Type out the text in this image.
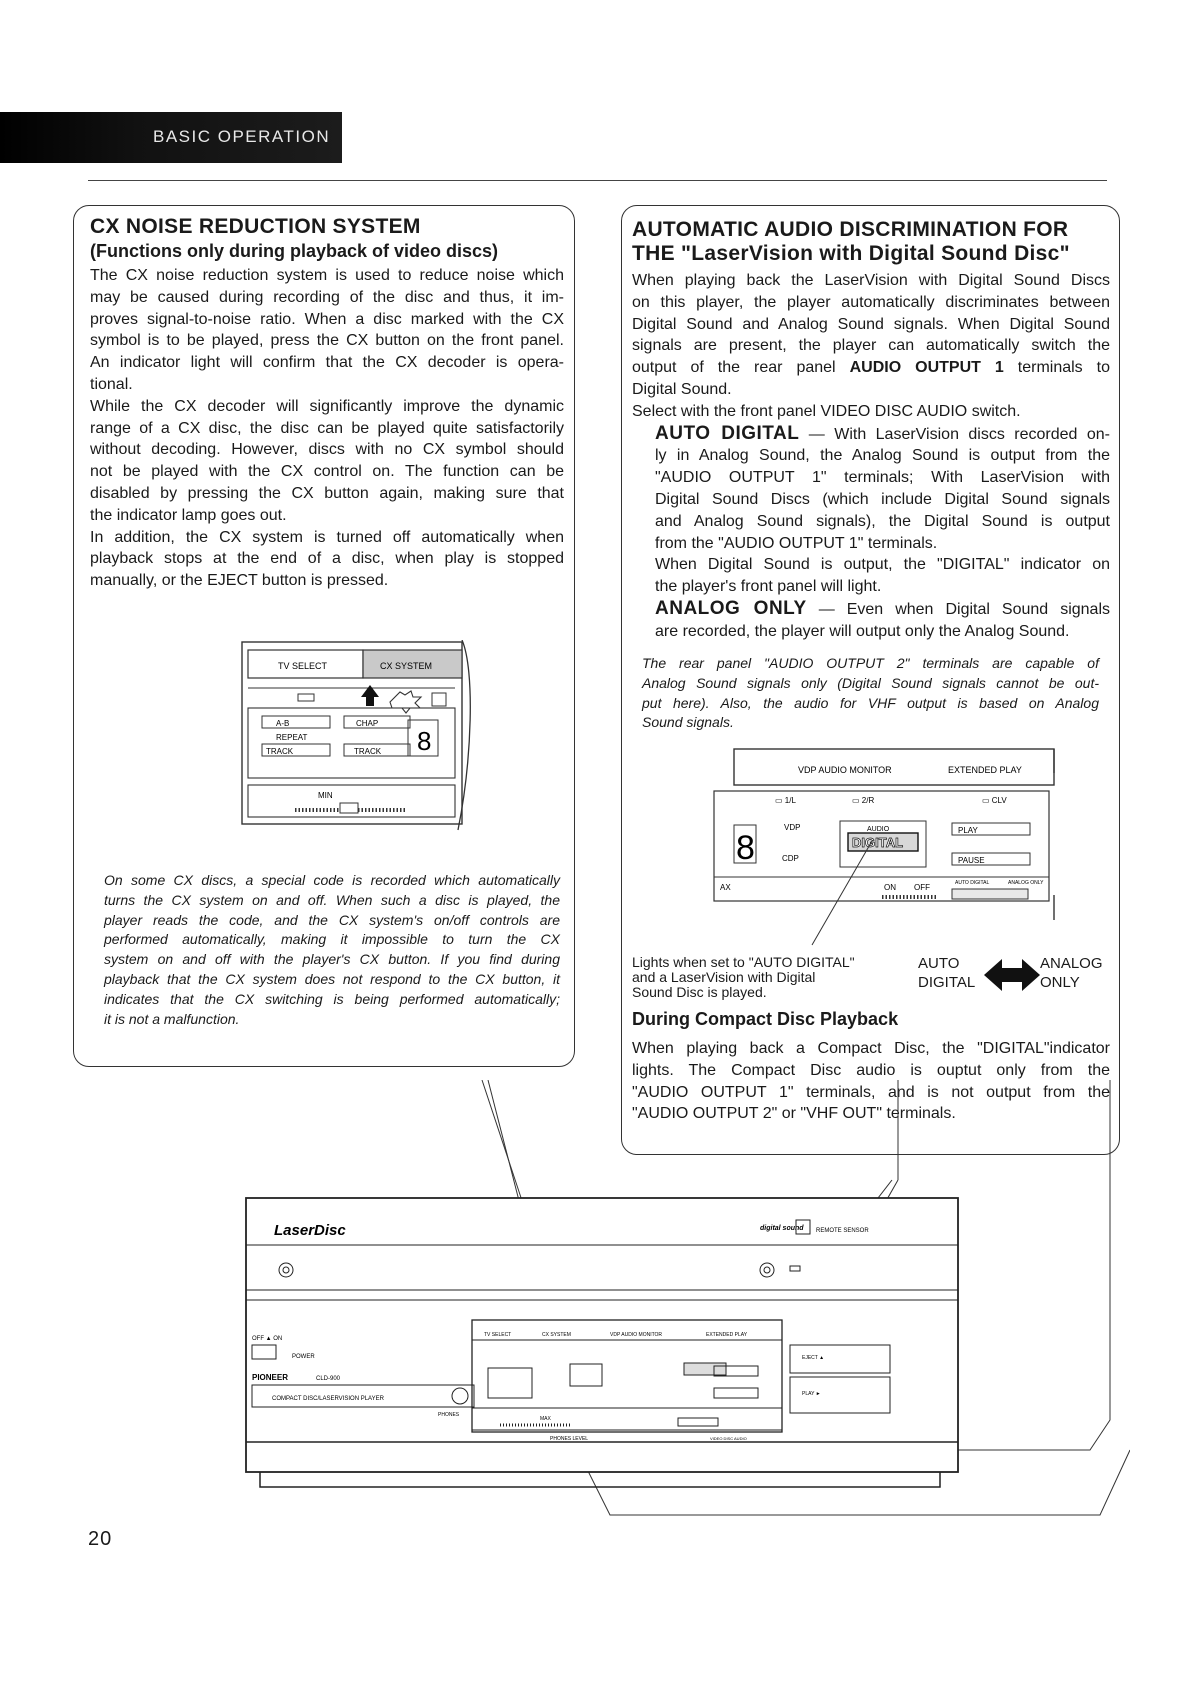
BASIC OPERATION
CX NOISE REDUCTION SYSTEM
(Functions only during playback of video discs)
The CX noise reduction system is used to reduce noise which
may be caused during recording of the disc and thus, it im-
proves signal-to-noise ratio. When a disc marked with the CX
symbol is to be played, press the CX button on the front panel.
An indicator light will confirm that the CX decoder is opera-
tional.
While the CX decoder will significantly improve the dynamic
range of a CX disc, the disc can be played quite satisfactorily
without decoding. However, discs with no CX symbol should
not be played with the CX control on. The function can be
disabled by pressing the CX button again, making sure that
the indicator lamp goes out.
In addition, the CX system is turned off automatically when
playback stops at the end of a disc, when play is stopped
manually, or the EJECT button is pressed.
TV SELECT	CX SYSTEM
A-B
REPEAT
TRACK
CHAP
TRACK 8
MIN
On some CX discs, a special code is recorded which automatically
turns the CX system on and off. When such a disc is played, the
player reads the code, and the CX system's on/off controls are
performed automatically, making it impossible to turn the CX
system on and off with the player's CX button. If you find during
playback that the CX system does not respond to the CX button, it
indicates that the CX switching is being performed automatically;
it is not a malfunction.
AUTOMATIC AUDIO DISCRIMINATION FOR
THE "LaserVision with Digital Sound Disc"
When playing back the LaserVision with Digital Sound Discs
on this player, the player automatically discriminates between
Digital Sound and Analog Sound signals. When Digital Sound
signals are present, the player can automatically switch the
output of the rear panel AUDIO OUTPUT 1 terminals to
Digital Sound.
Select with the front panel VIDEO DISC AUDIO switch.
AUTO DIGITAL — With LaserVision discs recorded on-
ly in Analog Sound, the Analog Sound is output from the
"AUDIO OUTPUT 1" terminals; With LaserVision with
Digital Sound Discs (which include Digital Sound signals
and Analog Sound signals), the Digital Sound is output
from the "AUDIO OUTPUT 1" terminals.
When Digital Sound is output, the "DIGITAL" indicator on
the player's front panel will light.
ANALOG ONLY — Even when Digital Sound signals
are recorded, the player will output only the Analog Sound.
The rear panel "AUDIO OUTPUT 2" terminals are capable of
Analog Sound signals only (Digital Sound signals cannot be out-
put here). Also, the audio for VHF output is based on Analog
Sound signals.
VDP AUDIO MONITOR	EXTENDED PLAY
▭ 1/L	▭ 2/R	▭ CLV
8
VDP
CDP
AUDIO
DIGITAL
PLAY
PAUSE
AX	ON OFF	AUTO DIGITAL	ANALOG ONLY
Lights when set to "AUTO DIGITAL"
and a LaserVision with Digital
Sound Disc is played.
AUTO
DIGITAL
ANALOG
ONLY
During Compact Disc Playback
When playing back a Compact Disc, the "DIGITAL"indicator
lights. The Compact Disc audio is ouptut only from the
"AUDIO OUTPUT 1" terminals, and is not output from the
"AUDIO OUTPUT 2" or "VHF OUT" terminals.
LaserDisc	digital sound REMOTE SENSOR
OFF ▲ ON
POWER
PIONEER	CLD-900
COMPACT DISC/LASERVISION PLAYER
PHONES
TV SELECT	CX SYSTEM	VDP AUDIO MONITOR	EXTENDED PLAY
MAX
PHONES LEVEL	VIDEO DISC AUDIO
EJECT ▲
PLAY ►
20
